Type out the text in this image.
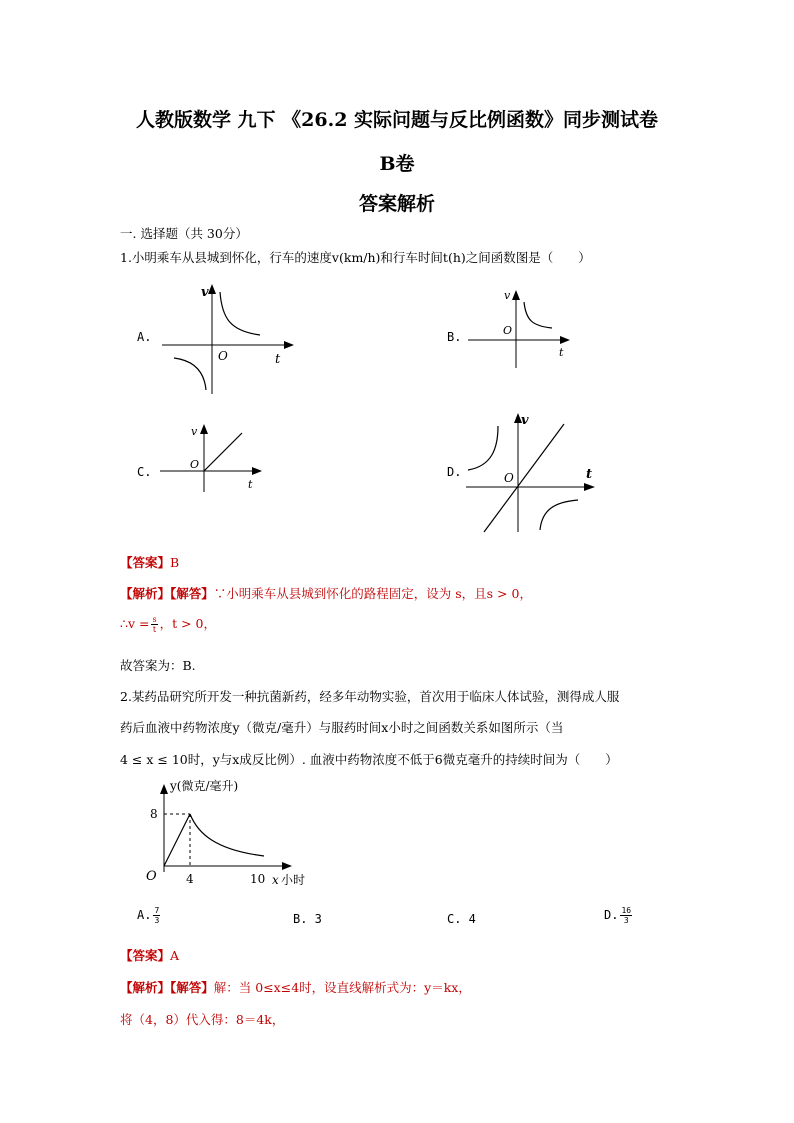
人教版数学 九下 《26.2 实际问题与反比例函数》同步测试卷
B卷
答案解析
一. 选择题（共 30分）
1.小明乘车从县城到怀化，行车的速度v(km/h)和行车时间t(h)之间函数图是（　　）
A.
v
t
O
B.
v
t
O
C.
v
t
O
D.
v
t
O
【答案】B
【解析】【解答】∵小明乘车从县城到怀化的路程固定，设为 s，且s > 0，
∴v = $\frac{s}{t}$ ，t > 0，
故答案为：B.
2.某药品研究所开发一种抗菌新药，经多年动物实验，首次用于临床人体试验，测得成人服
药后血液中药物浓度y（微克/毫升）与服药时间x小时之间函数关系如图所示（当
4 ≤ x ≤ 10时，y与x成反比例）. 血液中药物浓度不低于6微克毫升的持续时间为（　　）
y(微克/毫升)
8
O 4	10 x 小时
A. $\frac{7}{3}$	B. 3	C. 4	D. $\frac{16}{3}$
【答案】A
【解析】【解答】解：当 0≤x≤4时，设直线解析式为：y＝kx，
将（4，8）代入得：8＝4k，
